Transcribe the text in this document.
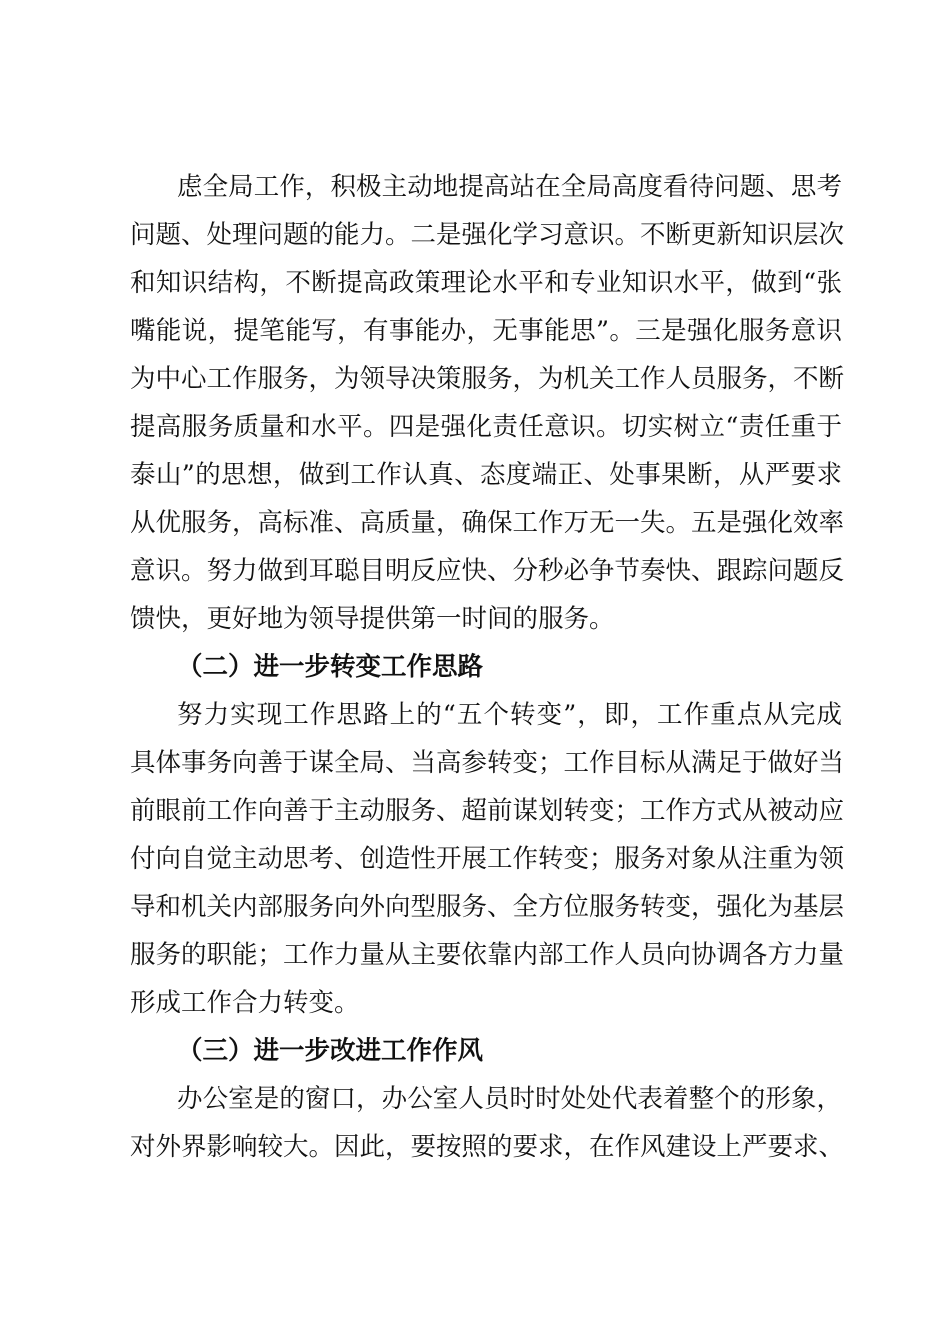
虑全局工作，积极主动地提高站在全局高度看待问题、思考
问题、处理问题的能力。二是强化学习意识。不断更新知识层次
和知识结构，不断提高政策理论水平和专业知识水平，做到“张
嘴能说，提笔能写，有事能办，无事能思”。三是强化服务意识
为中心工作服务，为领导决策服务，为机关工作人员服务，不断
提高服务质量和水平。四是强化责任意识。切实树立“责任重于
泰山”的思想，做到工作认真、态度端正、处事果断，从严要求
从优服务，高标准、高质量，确保工作万无一失。五是强化效率
意识。努力做到耳聪目明反应快、分秒必争节奏快、跟踪问题反
馈快，更好地为领导提供第一时间的服务。
（二）进一步转变工作思路
努力实现工作思路上的“五个转变”，即，工作重点从完成
具体事务向善于谋全局、当高参转变；工作目标从满足于做好当
前眼前工作向善于主动服务、超前谋划转变；工作方式从被动应
付向自觉主动思考、创造性开展工作转变；服务对象从注重为领
导和机关内部服务向外向型服务、全方位服务转变，强化为基层
服务的职能；工作力量从主要依靠内部工作人员向协调各方力量
形成工作合力转变。
（三）进一步改进工作作风
办公室是的窗口，办公室人员时时处处代表着整个的形象，
对外界影响较大。因此，要按照的要求，在作风建设上严要求、
